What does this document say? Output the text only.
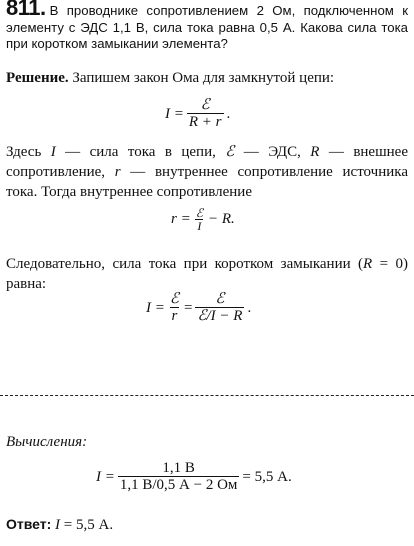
811. В проводнике сопротивлением 2 Ом, подключенном к элементу с ЭДС 1,1 В, сила тока равна 0,5 А. Какова сила тока при коротком замыкании элемента?
Решение. Запишем закон Ома для замкнутой цепи:
$I = \frac{\text{ℰ}}{R + r}$ .
Здесь I — сила тока в цепи, ℰ — ЭДС, R — внешнее сопротивление, r — внутреннее сопротивление источника тока. Тогда внутреннее сопротивление
$r = \frac{\text{ℰ}}{I} - R$.
Следовательно, сила тока при коротком замыкании (R = 0) равна:
$I = \frac{\text{ℰ}}{r} = \frac{\text{ℰ}}{\text{ℰ/I − R}}$ .
Вычисления:
$I = \frac{1,1 В}{1,1 В/0,5 А - 2 Ом} = 5,5$ А.
Ответ: I = 5,5 А.
